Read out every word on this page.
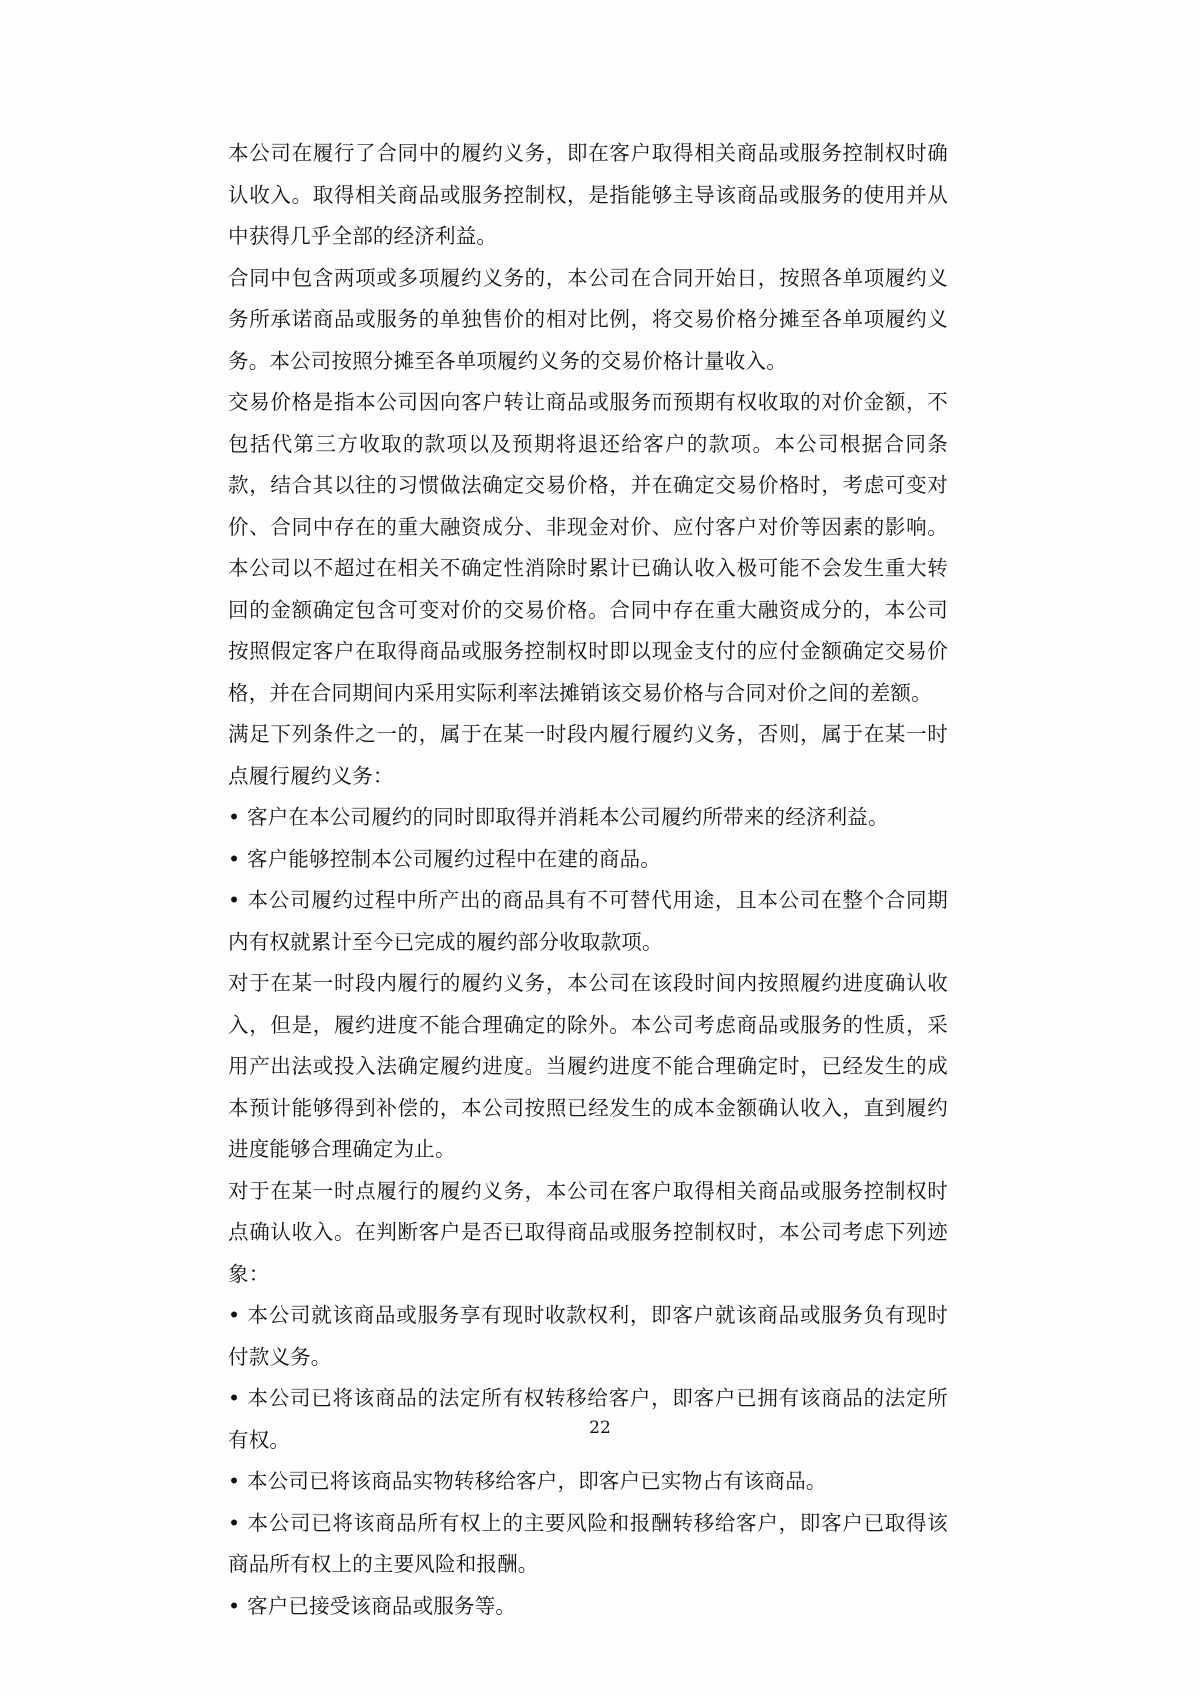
本公司在履行了合同中的履约义务，即在客户取得相关商品或服务控制权时确认收入。取得相关商品或服务控制权，是指能够主导该商品或服务的使用并从中获得几乎全部的经济利益。

合同中包含两项或多项履约义务的，本公司在合同开始日，按照各单项履约义务所承诺商品或服务的单独售价的相对比例，将交易价格分摊至各单项履约义务。本公司按照分摊至各单项履约义务的交易价格计量收入。

交易价格是指本公司因向客户转让商品或服务而预期有权收取的对价金额，不包括代第三方收取的款项以及预期将退还给客户的款项。本公司根据合同条款，结合其以往的习惯做法确定交易价格，并在确定交易价格时，考虑可变对价、合同中存在的重大融资成分、非现金对价、应付客户对价等因素的影响。本公司以不超过在相关不确定性消除时累计已确认收入极可能不会发生重大转回的金额确定包含可变对价的交易价格。合同中存在重大融资成分的，本公司按照假定客户在取得商品或服务控制权时即以现金支付的应付金额确定交易价格，并在合同期间内采用实际利率法摊销该交易价格与合同对价之间的差额。

满足下列条件之一的，属于在某一时段内履行履约义务，否则，属于在某一时点履行履约义务：

• 客户在本公司履约的同时即取得并消耗本公司履约所带来的经济利益。

• 客户能够控制本公司履约过程中在建的商品。

• 本公司履约过程中所产出的商品具有不可替代用途，且本公司在整个合同期内有权就累计至今已完成的履约部分收取款项。

对于在某一时段内履行的履约义务，本公司在该段时间内按照履约进度确认收入，但是，履约进度不能合理确定的除外。本公司考虑商品或服务的性质，采用产出法或投入法确定履约进度。当履约进度不能合理确定时，已经发生的成本预计能够得到补偿的，本公司按照已经发生的成本金额确认收入，直到履约进度能够合理确定为止。

对于在某一时点履行的履约义务，本公司在客户取得相关商品或服务控制权时点确认收入。在判断客户是否已取得商品或服务控制权时，本公司考虑下列迹象：

• 本公司就该商品或服务享有现时收款权利，即客户就该商品或服务负有现时付款义务。

• 本公司已将该商品的法定所有权转移给客户，即客户已拥有该商品的法定所有权。

• 本公司已将该商品实物转移给客户，即客户已实物占有该商品。

• 本公司已将该商品所有权上的主要风险和报酬转移给客户，即客户已取得该商品所有权上的主要风险和报酬。

• 客户已接受该商品或服务等。

22
